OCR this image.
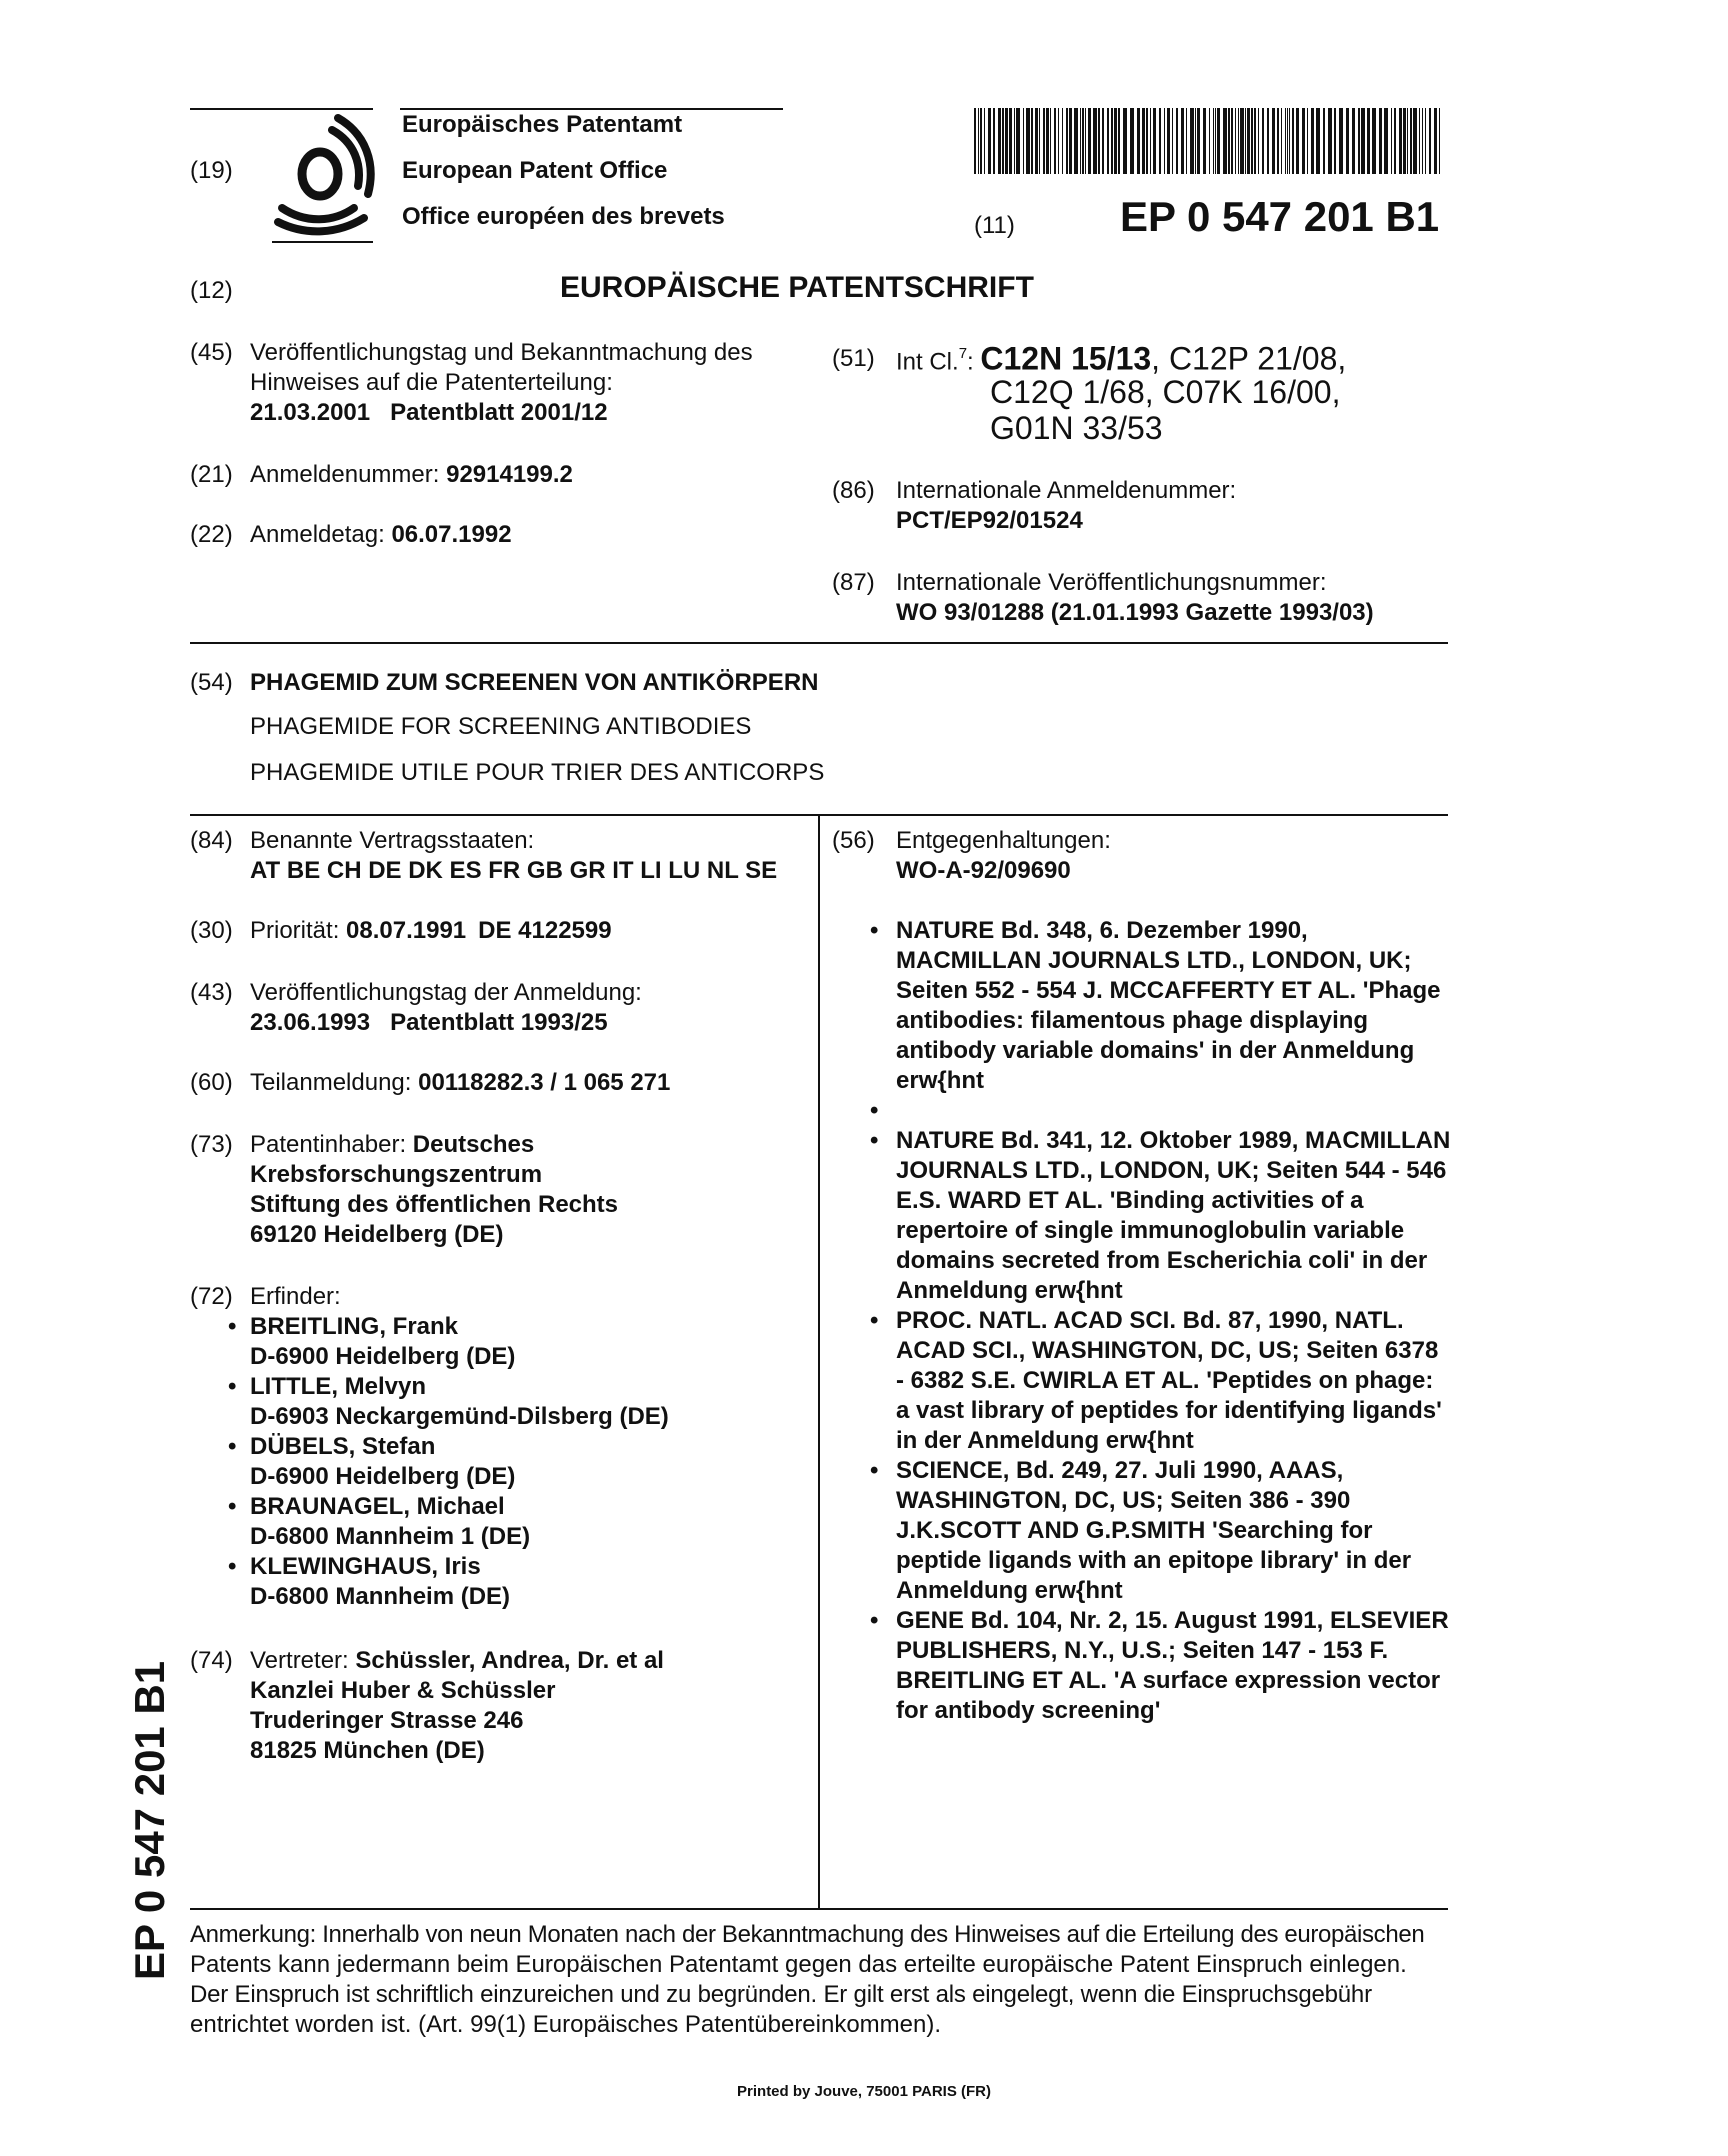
(19)
Europäisches Patentamt
European Patent Office
Office européen des brevets	(11)	EP 0 547 201 B1
(12)	EUROPÄISCHE PATENTSCHRIFT
(45) Veröffentlichungstag und Bekanntmachung des
Hinweises auf die Patenterteilung:
21.03.2001 Patentblatt 2001/12
(21) Anmeldenummer: 92914199.2
(22) Anmeldetag: 06.07.1992
(51) Int Cl.$^7$: C12N 15/13, C12P 21/08,
C12Q 1/68, C07K 16/00,
G01N 33/53
(86) Internationale Anmeldenummer:
PCT/EP92/01524
(87) Internationale Veröffentlichungsnummer:
WO 93/01288 (21.01.1993 Gazette 1993/03)
(54) PHAGEMID ZUM SCREENEN VON ANTIKÖRPERN
PHAGEMIDE FOR SCREENING ANTIBODIES
PHAGEMIDE UTILE POUR TRIER DES ANTICORPS
(84) Benannte Vertragsstaaten:
AT BE CH DE DK ES FR GB GR IT LI LU NL SE
(30) Priorität: 08.07.1991 DE 4122599
(43) Veröffentlichungstag der Anmeldung:
23.06.1993 Patentblatt 1993/25
(60) Teilanmeldung: 00118282.3 / 1 065 271
(73) Patentinhaber: Deutsches
Krebsforschungszentrum
Stiftung des öffentlichen Rechts
69120 Heidelberg (DE)
(72) Erfinder:
• BREITLING, Frank
D-6900 Heidelberg (DE)
• LITTLE, Melvyn
D-6903 Neckargemünd-Dilsberg (DE)
• DÜBELS, Stefan
D-6900 Heidelberg (DE)
• BRAUNAGEL, Michael
D-6800 Mannheim 1 (DE)
• KLEWINGHAUS, Iris
D-6800 Mannheim (DE)
(74) Vertreter: Schüssler, Andrea, Dr. et al
Kanzlei Huber & Schüssler
Truderinger Strasse 246
81825 München (DE)
(56) Entgegenhaltungen:
WO-A-92/09690
• NATURE Bd. 348, 6. Dezember 1990,
MACMILLAN JOURNALS LTD., LONDON, UK;
Seiten 552 - 554 J. MCCAFFERTY ET AL. 'Phage
antibodies: filamentous phage displaying
antibody variable domains' in der Anmeldung
erw{hnt
•
• NATURE Bd. 341, 12. Oktober 1989, MACMILLAN
JOURNALS LTD., LONDON, UK; Seiten 544 - 546
E.S. WARD ET AL. 'Binding activities of a
repertoire of single immunoglobulin variable
domains secreted from Escherichia coli' in der
Anmeldung erw{hnt
• PROC. NATL. ACAD SCI. Bd. 87, 1990, NATL.
ACAD SCI., WASHINGTON, DC, US; Seiten 6378
- 6382 S.E. CWIRLA ET AL. 'Peptides on phage:
a vast library of peptides for identifying ligands'
in der Anmeldung erw{hnt
• SCIENCE, Bd. 249, 27. Juli 1990, AAAS,
WASHINGTON, DC, US; Seiten 386 - 390
J.K.SCOTT AND G.P.SMITH 'Searching for
peptide ligands with an epitope library' in der
Anmeldung erw{hnt
• GENE Bd. 104, Nr. 2, 15. August 1991, ELSEVIER
PUBLISHERS, N.Y., U.S.; Seiten 147 - 153 F.
BREITLING ET AL. 'A surface expression vector
for antibody screening'
Anmerkung: Innerhalb von neun Monaten nach der Bekanntmachung des Hinweises auf die Erteilung des europäischen
Patents kann jedermann beim Europäischen Patentamt gegen das erteilte europäische Patent Einspruch einlegen.
Der Einspruch ist schriftlich einzureichen und zu begründen. Er gilt erst als eingelegt, wenn die Einspruchsgebühr
entrichtet worden ist. (Art. 99(1) Europäisches Patentübereinkommen).
EP 0 547 201 B1
Printed by Jouve, 75001 PARIS (FR)
